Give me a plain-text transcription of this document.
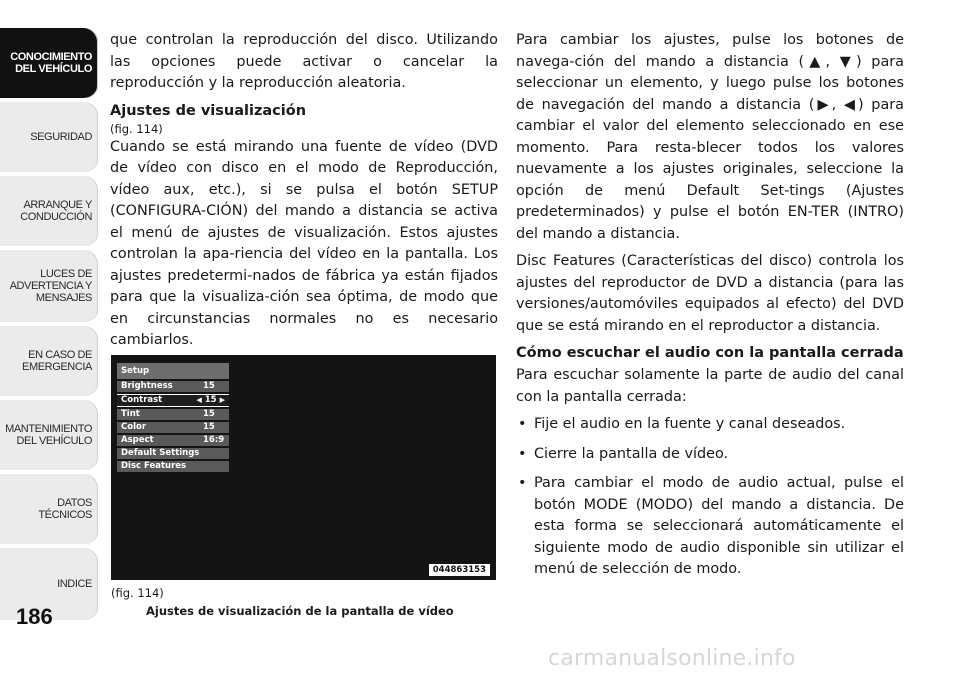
CONOCIMIENTO
DEL VEHÍCULO
SEGURIDAD
ARRANQUE Y
CONDUCCIÓN
LUCES DE
ADVERTENCIA Y
MENSAJES
EN CASO DE
EMERGENCIA
MANTENIMIENTO
DEL VEHÍCULO
DATOS
TÉCNICOS
INDICE
186

que controlan la reproducción del disco. Utilizando las opciones puede activar o cancelar la reproducción y la reproducción aleatoria.

Ajustes de visualización
(fig. 114)

Cuando se está mirando una fuente de vídeo (DVD de vídeo con disco en el modo de Reproducción, vídeo aux, etc.), si se pulsa el botón SETUP (CONFIGURA-CIÓN) del mando a distancia se activa el menú de ajustes de visualización. Estos ajustes controlan la apa-riencia del vídeo en la pantalla. Los ajustes predetermi-nados de fábrica ya están fijados para que la visualiza-ción sea óptima, de modo que en circunstancias normales no es necesario cambiarlos.

Setup
Brightness	15
Contrast	◀ 15 ▶
Tint	15
Color	15
Aspect	16:9
Default Settings
Disc Features
044863153
(fig. 114)
Ajustes de visualización de la pantalla de vídeo

Para cambiar los ajustes, pulse los botones de navega-ción del mando a distancia (▲, ▼) para seleccionar un elemento, y luego pulse los botones de navegación del mando a distancia (▶, ◀) para cambiar el valor del elemento seleccionado en ese momento. Para resta-blecer todos los valores nuevamente a los ajustes originales, seleccione la opción de menú Default Set-tings (Ajustes predeterminados) y pulse el botón EN-TER (INTRO) del mando a distancia.

Disc Features (Características del disco) controla los ajustes del reproductor de DVD a distancia (para las versiones/automóviles equipados al efecto) del DVD que se está mirando en el reproductor a distancia.

Cómo escuchar el audio con la pantalla cerrada

Para escuchar solamente la parte de audio del canal con la pantalla cerrada:

• Fije el audio en la fuente y canal deseados.
• Cierre la pantalla de vídeo.
• Para cambiar el modo de audio actual, pulse el botón MODE (MODO) del mando a distancia. De esta forma se seleccionará automáticamente el siguiente modo de audio disponible sin utilizar el menú de selección de modo.
carmanualsonline.info
